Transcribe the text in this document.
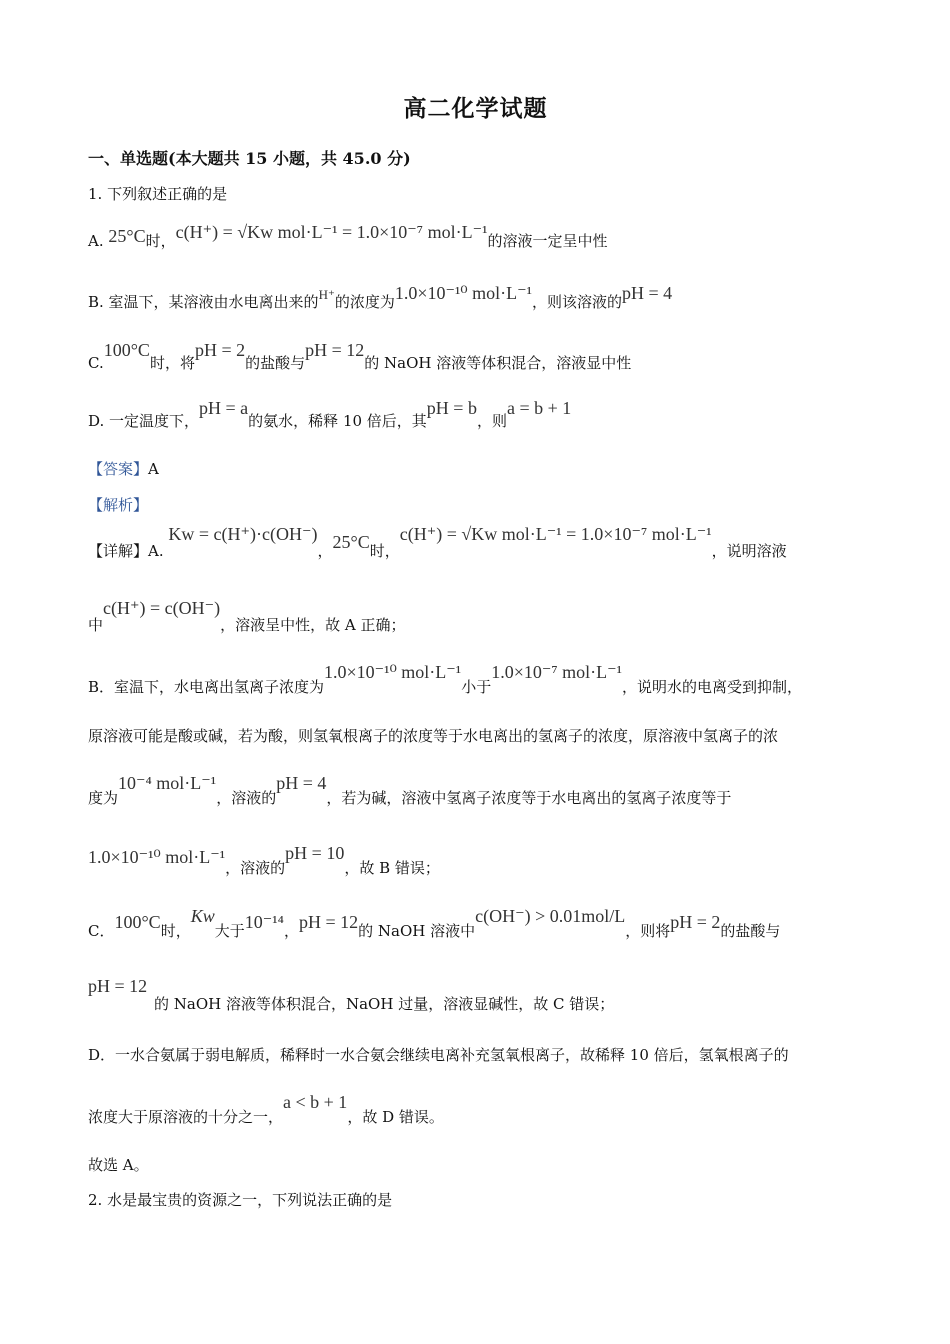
高二化学试题
一、单选题(本大题共 15 小题，共 45.0 分)
1. 下列叙述正确的是
A. 25°C时，c(H⁺) = √Kw mol·L⁻¹ = 1.0×10⁻⁷ mol·L⁻¹的溶液一定呈中性
B. 室温下，某溶液由水电离出来的H⁺的浓度为1.0×10⁻¹⁰ mol·L⁻¹，则该溶液的pH = 4
C.100°C时，将pH = 2的盐酸与pH = 12的 NaOH 溶液等体积混合，溶液显中性
D. 一定温度下，pH = a的氨水，稀释 10 倍后，其pH = b，则a = b + 1
【答案】A
【解析】
【详解】A. Kw = c(H⁺)·c(OH⁻)，25°C时，c(H⁺) = √Kw mol·L⁻¹ = 1.0×10⁻⁷ mol·L⁻¹，说明溶液
中c(H⁺) = c(OH⁻)，溶液呈中性，故 A 正确；
B．室温下，水电离出氢离子浓度为1.0×10⁻¹⁰ mol·L⁻¹小于1.0×10⁻⁷ mol·L⁻¹，说明水的电离受到抑制，
原溶液可能是酸或碱，若为酸，则氢氧根离子的浓度等于水电离出的氢离子的浓度，原溶液中氢离子的浓
度为10⁻⁴ mol·L⁻¹，溶液的pH = 4，若为碱，溶液中氢离子浓度等于水电离出的氢离子浓度等于
1.0×10⁻¹⁰ mol·L⁻¹，溶液的pH = 10，故 B 错误；
C．100°C时，Kw大于10⁻¹⁴，pH = 12的 NaOH 溶液中c(OH⁻) > 0.01mol/L，则将pH = 2的盐酸与
pH = 12
的 NaOH 溶液等体积混合，NaOH 过量，溶液显碱性，故 C 错误；
D．一水合氨属于弱电解质，稀释时一水合氨会继续电离补充氢氧根离子，故稀释 10 倍后，氢氧根离子的
浓度大于原溶液的十分之一，a < b + 1，故 D 错误。
故选 A。
2. 水是最宝贵的资源之一，下列说法正确的是
